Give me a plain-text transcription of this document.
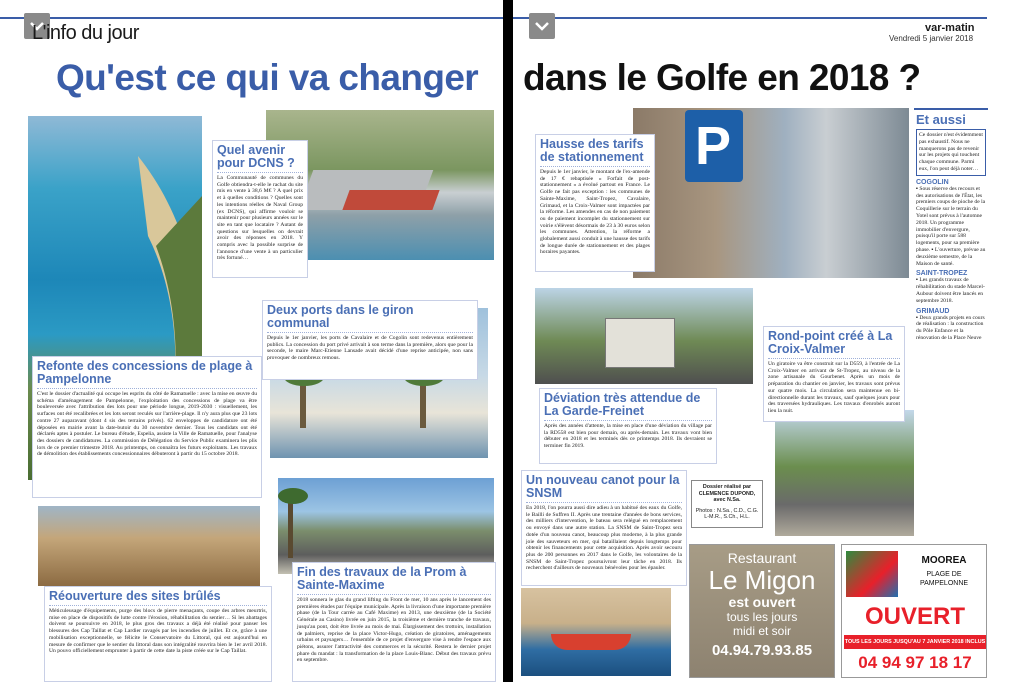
L'info du jour
Qu'est ce qui va changer
Quel avenir pour DCNS ?
La Communauté de communes du Golfe obtiendra-t-elle le rachat du site mis en vente à 38,6 M€ ? A quel prix et à quelles conditions ? Quelles sont les intentions réelles de Naval Group (ex DCNS), qui affirme vouloir se maintenir pour plusieurs années sur le site en tant que locataire ? Autant de questions sur lesquelles on devrait avoir des réponses en 2018. Y compris avec la possible surprise de l'annonce d'une vente à un particulier très fortuné…
Deux ports dans le giron communal
Depuis le 1er janvier, les ports de Cavalaire et de Cogolin sont redevenus entièrement publics. La concession du port privé arrivait à son terme dans la première, alors que pour la seconde, le maire Marc-Etienne Lansade avait décidé d'une reprise anticipée, non sans provoquer de nombreux remous.
Refonte des concessions de plage à Pampelonne
C'est le dossier d'actualité qui occupe les esprits du côté de Ramatuelle : avec la mise en œuvre du schéma d'aménagement de Pampelonne, l'exploitation des concessions de plage va être bouleversée avec l'attribution des lots pour une période longue, 2019-2030 : visuellement, les surfaces ont été recalibrées et les lots seront reculés sur l'arrière-plage. Il n'y aura plus que 23 lots contre 27 auparavant (dont 4 sis des terrains privés). 62 enveloppes de candidature ont été déposées en mairie avant la date-butoir du 30 novembre dernier. Tous les candidats ont été déclarés aptes à postuler. Le bureau d'étude, Espelia, assiste la Ville de Ramatuelle, pour l'analyse des dossiers de candidatures. La commission de Délégation du Service Public examinera les plis lors de ce premier trimestre 2018. Au printemps, on connaîtra les futurs exploitants. Les travaux de démolition des établissements concessionnaires débuteront à partir du 15 octobre 2018.
Réouverture des sites brûlés
Méticuleusage d'équipements, purge des blocs de pierre menaçants, coupe des arbres meurtris, mise en place de dispositifs de lutte contre l'érosion, réhabilitation du sentier… Si les abattages doivent se poursuivre en 2018, le plus gros des travaux a déjà été réalisé pour panser les blessures des Cap Taillat et Cap Lardier ravagés par les incendies de juillet. Et ce, grâce à une mobilisation exceptionnelle, se félicite le Conservatoire du Littoral, qui est aujourd'hui en mesure de confirmer que le sentier du littoral dans son intégralité rouvrira bien le 1er avril 2018. Un pouvo officiellement emprunter à partir de cette date la piste créée sur le Cap Taillat.
Fin des travaux de la Prom à Sainte-Maxime
2018 sonnera le glas du grand lifting du Front de mer, 10 ans après le lancement des premières études par l'équipe municipale. Après la livraison d'une importante première phase (de la Tour carrée au Café Maxime) en 2013, une deuxième (de la Société Générale au Casino) livrée en juin 2015, la troisième et dernière tranche de travaux, jusqu'au pont, doit être livrée au mois de mai. Élargissement des trottoirs, installation de palmiers, reprise de la place Victor-Hugo, création de giratoires, aménagements urbains et paysagers… l'ensemble de ce projet d'envergure vise à rendre l'espace aux piétons, assurer l'attractivité des commerces et la sécurité. Restera le dernier projet phare du mandat : la transformation de la place Louis-Blanc. Début des travaux prévu en septembre.
var-matin
Vendredi 5 janvier 2018
dans le Golfe en 2018 ?
P
Hausse des tarifs de stationnement
Depuis le 1er janvier, le montant de l'ex-amende de 17 € rebaptisée « Forfait de post-stationnement » a évolué partout en France. Le Golfe ne fait pas exception : les communes de Sainte-Maxime, Saint-Tropez, Cavalaire, Grimaud, et la Croix-Valmer sont impactées par la réforme. Les amendes en cas de non paiement ou de paiement incomplet du stationnement sur voirie s'élèvent désormais de 23 à 30 euros selon les communes. Attention, la réforme a globalement aussi conduit à une hausse des tarifs de longue durée de stationnement et des plages horaires payantes.
Rond-point créé à La Croix-Valmer
Un giratoire va être construit sur la D559, à l'entrée de La Croix-Valmer en arrivant de St-Tropez, au niveau de la zone artisanale du Gourbenet. Après un mois de préparation du chantier en janvier, les travaux sont prévus sur quatre mois. La circulation sera maintenue en bi-directionnelle durant les travaux, sauf quelques jours pour des traversées hydrauliques. Les travaux d'enrobés auront lieu la nuit.
Déviation très attendue de La Garde-Freinet
Après des années d'attente, la mise en place d'une déviation du village par la RD558 est bien pour demain, ou après-demain. Les travaux vont bien débuter en 2018 et les terminés dès ce printemps 2018. Ils devraient se terminer fin 2019.
Un nouveau canot pour la SNSM
En 2018, l'on pourra aussi dire adieu à un habitué des eaux du Golfe, le Bailli de Suffren II. Après une trentaine d'années de bons services, des milliers d'intervention, le bateau sera relégué en remplacement ou envoyé dans une autre station. La SNSM de Saint-Tropez sera dotée d'un nouveau canot, beaucoup plus moderne, à la plus grande joie des sauveteurs en mer, qui bataillaient depuis longtemps pour obtenir les financements pour cette acquisition. Après avoir secouru plus de 200 personnes en 2017 dans le Golfe, les volontaires de la SNSM de Saint-Tropez poursuivront leur tâche en 2018. Ils recherchent d'ailleurs de nouveaux bénévoles pour les épauler.
Dossier réalisé par
CLEMENCE DUPOND,
avec N.Sa.
Photos : N.Sa., C.D., C.G.
L-M.R., S.Ch., H.L.
Et aussi
Ce dossier n'est évidemment pas exhaustif. Nous ne manquerons pas de revenir sur les projets qui touchent chaque commune. Parmi eux, l'on peut déjà noter…
COGOLIN
▪ Sous réserve des recours et des autorisations de l'État, les premiers coups de pioche de la Coquillerie sur le terrain du Yotel sont prévus à l'automne 2018. Un programme immobilier d'envergure, puisqu'il porte sur 588 logements, pour sa première phase. ▪ L'ouverture, prévue au deuxième semestre, de la Maison de santé.
SAINT-TROPEZ
▪ Les grands travaux de réhabilitation du stade Marcel-Aubour doivent être lancés en septembre 2018.
GRIMAUD
▪ Deux grands projets en cours de réalisation : la construction du Pôle Enfance et la rénovation de la Place Neuve
Restaurant
Le Migon
est ouvert
tous les jours
midi et soir
04.94.79.93.85
MOOREA
PLAGE DE
PAMPELONNE
OUVERT
TOUS LES JOURS JUSQU'AU 7 JANVIER 2018 INCLUS
04 94 97 18 17
